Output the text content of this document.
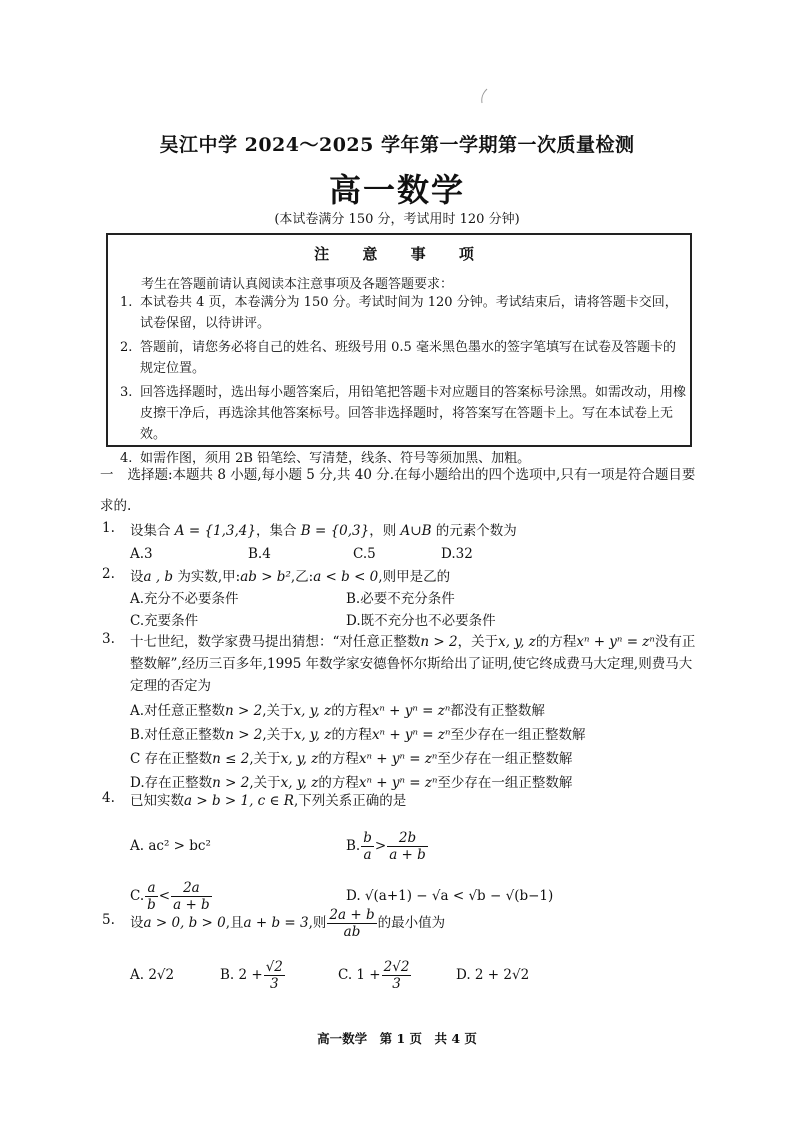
吴江中学 2024～2025 学年第一学期第一次质量检测
高一数学
(本试卷满分 150 分，考试用时 120 分钟)
注 意 事 项
考生在答题前请认真阅读本注意事项及各题答题要求：
1. 本试卷共 4 页，本卷满分为 150 分。考试时间为 120 分钟。考试结束后，请将答题卡交回，试卷保留，以待讲评。
2. 答题前，请您务必将自己的姓名、班级号用 0.5 毫米黑色墨水的签字笔填写在试卷及答题卡的规定位置。
3. 回答选择题时，选出每小题答案后，用铅笔把答题卡对应题目的答案标号涂黑。如需改动，用橡皮擦干净后，再选涂其他答案标号。回答非选择题时，将答案写在答题卡上。写在本试卷上无效。
4. 如需作图，须用 2B 铅笔绘、写清楚，线条、符号等须加黑、加粗。
一 选择题:本题共 8 小题,每小题 5 分,共 40 分.在每小题给出的四个选项中,只有一项是符合题目要求的.
1.	设集合 A = {1,3,4}，集合 B = {0,3}，则 A∪B 的元素个数为
A.3	B.4	C.5	D.32
2.	设a , b 为实数,甲:ab > b²,乙:a < b < 0,则甲是乙的
A.充分不必要条件	B.必要不充分条件
C.充要条件	D.既不充分也不必要条件
3.	十七世纪，数学家费马提出猜想：“对任意正整数n > 2，关于x, y, z的方程xⁿ + yⁿ = zⁿ没有正整数解”,经历三百多年,1995 年数学家安德鲁怀尔斯给出了证明,使它终成费马大定理,则费马大定理的否定为
A.对任意正整数 n > 2 ,关于 x, y, z 的方程 xⁿ + yⁿ = zⁿ 都没有正整数解
B.对任意正整数 n > 2 ,关于 x, y, z 的方程 xⁿ + yⁿ = zⁿ 至少存在一组正整数解
C 存在正整数 n ≤ 2 ,关于 x, y, z 的方程 xⁿ + yⁿ = zⁿ 至少存在一组正整数解
D.存在正整数 n > 2 ,关于 x, y, z 的方程 xⁿ + yⁿ = zⁿ 至少存在一组正整数解
4.	已知实数a > b > 1, c ∈ R,下列关系正确的是
A. ac² > bc²	B. $\frac{b}{a} > \frac{2b}{a + b}$
C. $\frac{a}{b} < \frac{2a}{a + b}$	D. √(a+1) − √a < √b − √(b−1)
5.	设 a > 0, b > 0 ,且 a + b = 3 ,则 $\frac{2a + b}{ab}$ 的最小值为
A. 2√2	B. $2 + \frac{√2}{3}$	C. $1 + \frac{2√2}{3}$	D. 2 + 2√2
高一数学　第 1 页　共 4 页
